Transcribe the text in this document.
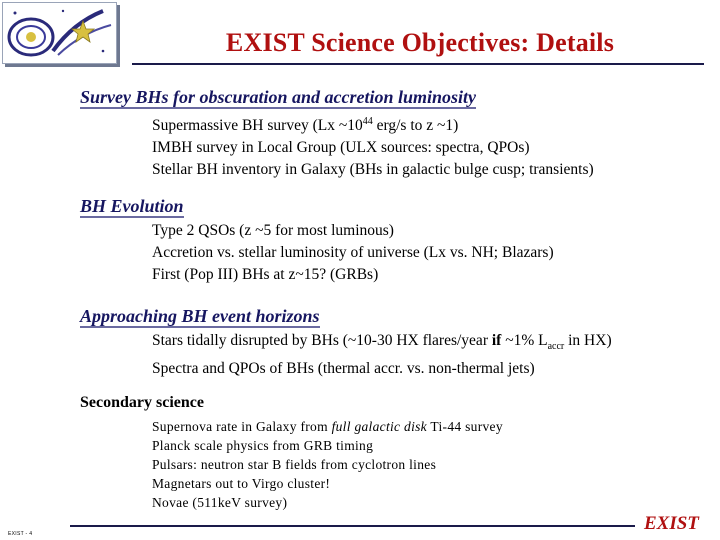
EXIST Science Objectives: Details
Survey BHs for obscuration and accretion luminosity
Supermassive BH survey (Lx $\sim 10^{44}$ erg/s to z ~1)
IMBH survey in Local Group (ULX sources: spectra, QPOs)
Stellar BH inventory in Galaxy (BHs in galactic bulge cusp; transients)
BH Evolution
Type 2 QSOs (z ~5 for most luminous)
Accretion vs. stellar luminosity of universe (Lx vs. NH; Blazars)
First (Pop III) BHs at z~15? (GRBs)
Approaching BH event horizons
Stars tidally disrupted by BHs (~10-30 HX flares/year if ~1% $L_{accr}$ in HX)
Spectra and QPOs of BHs (thermal accr. vs. non-thermal jets)
Secondary science
Supernova rate in Galaxy from full galactic disk Ti-44 survey
Planck scale physics from GRB timing
Pulsars: neutron star B fields from cyclotron lines
Magnetars out to Virgo cluster!
Novae (511keV survey)
EXIST - 4	EXIST
